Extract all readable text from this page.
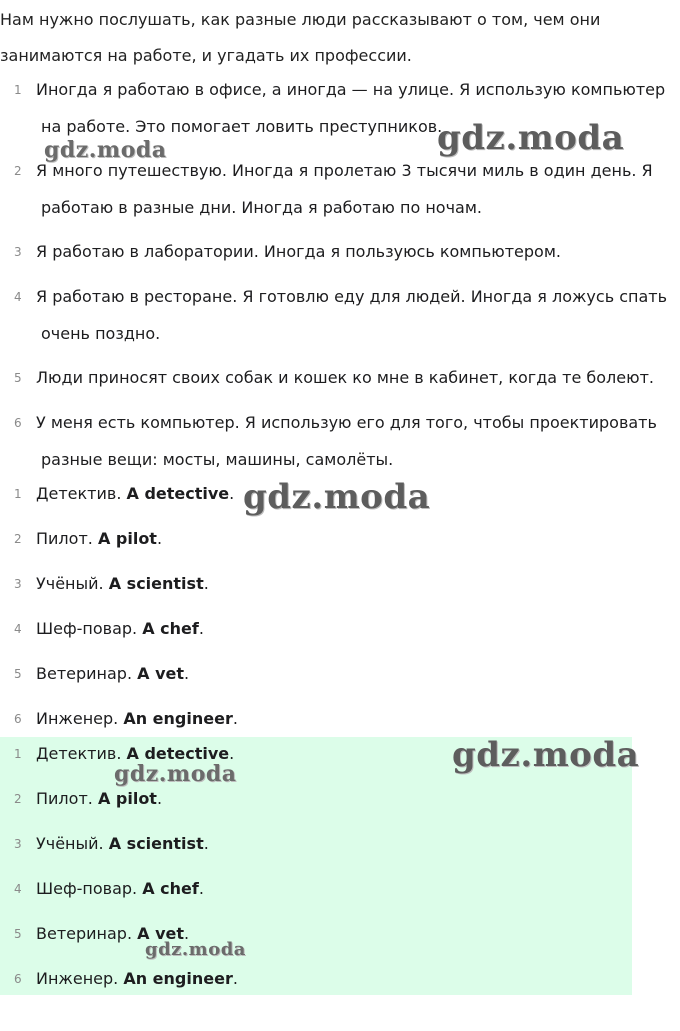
Нам нужно послушать, как разные люди рассказывают о том, чем они занимаются на работе, и угадать их профессии.
1 Иногда я работаю в офисе, а иногда — на улице. Я использую компьютер
на работе. Это помогает ловить преступников.
2 Я много путешествую. Иногда я пролетаю 3 тысячи миль в один день. Я
работаю в разные дни. Иногда я работаю по ночам.
3 Я работаю в лаборатории. Иногда я пользуюсь компьютером.
4 Я работаю в ресторане. Я готовлю еду для людей. Иногда я ложусь спать
очень поздно.
5 Люди приносят своих собак и кошек ко мне в кабинет, когда те болеют.
6 У меня есть компьютер. Я использую его для того, чтобы проектировать
разные вещи: мосты, машины, самолёты.
1 Детектив. A detective.
2 Пилот. A pilot.
3 Учёный. A scientist.
4 Шеф-повар. A chef.
5 Ветеринар. A vet.
6 Инженер. An engineer.
1 Детектив. A detective.
2 Пилот. A pilot.
3 Учёный. A scientist.
4 Шеф-повар. A chef.
5 Ветеринар. A vet.
6 Инженер. An engineer.
gdz.moda
gdz.moda
gdz.moda
gdz.moda
gdz.moda
gdz.moda
